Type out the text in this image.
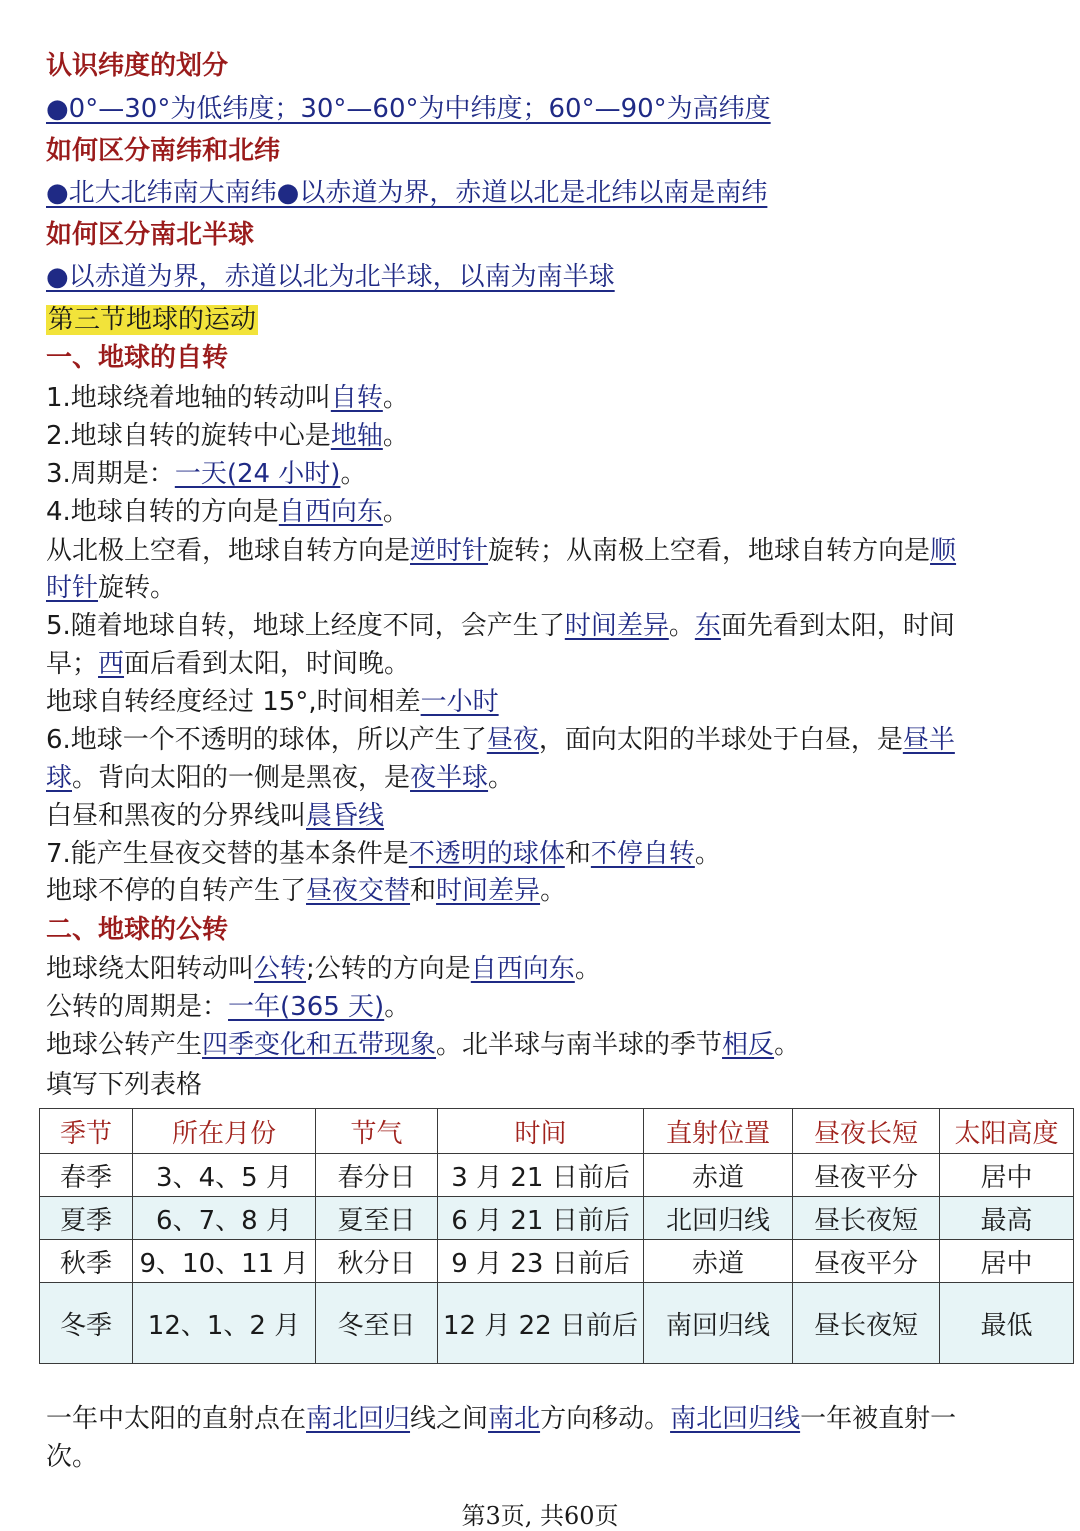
认识纬度的划分
●0°—30°为低纬度；30°—60°为中纬度；60°—90°为高纬度
如何区分南纬和北纬
●北大北纬南大南纬●以赤道为界，赤道以北是北纬以南是南纬
如何区分南北半球
●以赤道为界，赤道以北为北半球，以南为南半球
第三节地球的运动
一、地球的自转
1.地球绕着地轴的转动叫自转。
2.地球自转的旋转中心是地轴。
3.周期是：一天(24 小时)。
4.地球自转的方向是自西向东。
从北极上空看，地球自转方向是逆时针旋转；从南极上空看，地球自转方向是顺
时针旋转。
5.随着地球自转，地球上经度不同，会产生了时间差异。东面先看到太阳，时间
早；西面后看到太阳，时间晚。
地球自转经度经过 15°,时间相差一小时
6.地球一个不透明的球体，所以产生了昼夜，面向太阳的半球处于白昼，是昼半
球。背向太阳的一侧是黑夜，是夜半球。
白昼和黑夜的分界线叫晨昏线
7.能产生昼夜交替的基本条件是不透明的球体和不停自转。
地球不停的自转产生了昼夜交替和时间差异。
二、地球的公转
地球绕太阳转动叫公转;公转的方向是自西向东。
公转的周期是：一年(365 天)。
地球公转产生四季变化和五带现象。北半球与南半球的季节相反。
填写下列表格
季节	所在月份	节气	时间	直射位置	昼夜长短	太阳高度
春季	3、4、5 月	春分日	3 月 21 日前后	赤道	昼夜平分	居中
夏季	6、7、8 月	夏至日	6 月 21 日前后	北回归线	昼长夜短	最高
秋季	9、10、11 月	秋分日	9 月 23 日前后	赤道	昼夜平分	居中
冬季	12、1、2 月	冬至日	12 月 22 日前后	南回归线	昼长夜短	最低
一年中太阳的直射点在南北回归线之间南北方向移动。南北回归线一年被直射一
次。
第3页, 共60页
